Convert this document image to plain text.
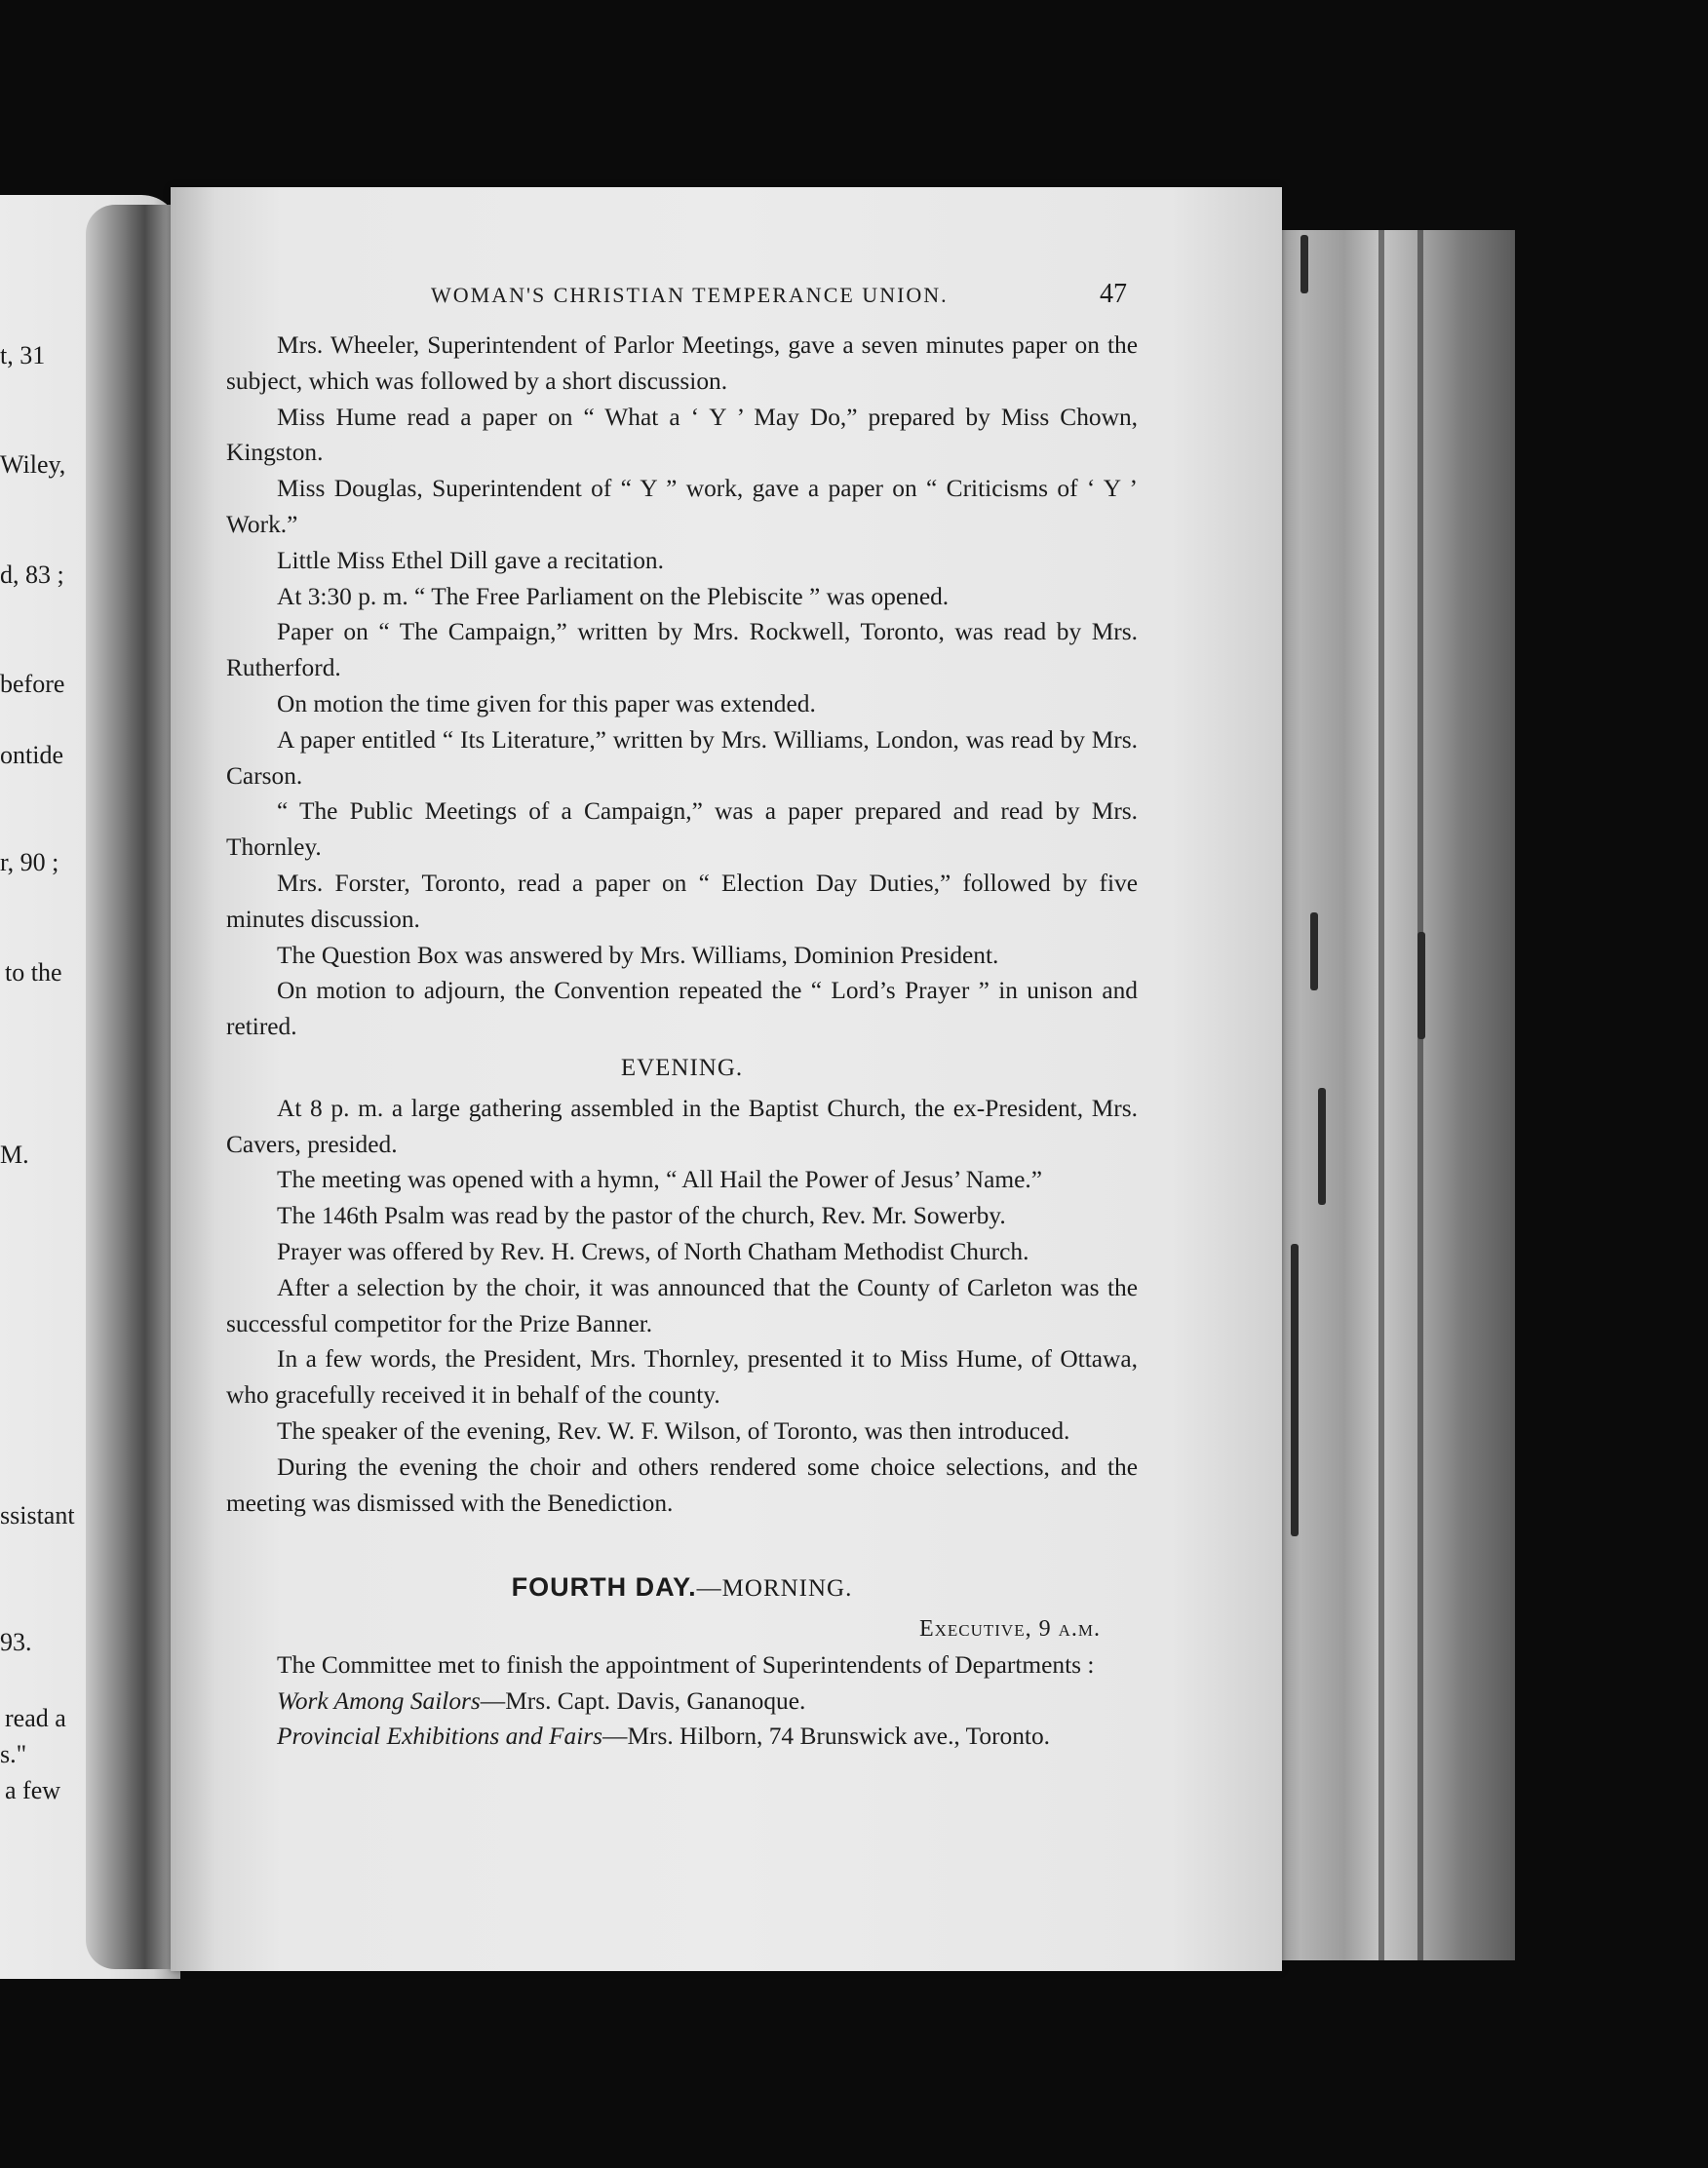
t, 31
Wiley,
d, 83 ;
before
ontide
r, 90 ;
to the
M.
ssistant
93.
read a
s."
a few
WOMAN'S CHRISTIAN TEMPERANCE UNION.	47

Mrs. Wheeler, Superintendent of Parlor Meetings, gave a seven minutes paper on the subject, which was followed by a short discussion.

Miss Hume read a paper on “ What a ‘ Y ’ May Do,” prepared by Miss Chown, Kingston.

Miss Douglas, Superintendent of “ Y ” work, gave a paper on “ Criticisms of ‘ Y ’ Work.”

Little Miss Ethel Dill gave a recitation.

At 3:30 p. m. “ The Free Parliament on the Plebiscite ” was opened.

Paper on “ The Campaign,” written by Mrs. Rockwell, Toronto, was read by Mrs. Rutherford.

On motion the time given for this paper was extended.

A paper entitled “ Its Literature,” written by Mrs. Williams, London, was read by Mrs. Carson.

“ The Public Meetings of a Campaign,” was a paper prepared and read by Mrs. Thornley.

Mrs. Forster, Toronto, read a paper on “ Election Day Duties,” followed by five minutes discussion.

The Question Box was answered by Mrs. Williams, Dominion President.

On motion to adjourn, the Convention repeated the “ Lord’s Prayer ” in unison and retired.

EVENING.

At 8 p. m. a large gathering assembled in the Baptist Church, the ex-President, Mrs. Cavers, presided.

The meeting was opened with a hymn, “ All Hail the Power of Jesus’ Name.”

The 146th Psalm was read by the pastor of the church, Rev. Mr. Sowerby.

Prayer was offered by Rev. H. Crews, of North Chatham Methodist Church.

After a selection by the choir, it was announced that the County of Carleton was the successful competitor for the Prize Banner.

In a few words, the President, Mrs. Thornley, presented it to Miss Hume, of Ottawa, who gracefully received it in behalf of the county.

The speaker of the evening, Rev. W. F. Wilson, of Toronto, was then introduced.

During the evening the choir and others rendered some choice selections, and the meeting was dismissed with the Benediction.

FOURTH DAY.—MORNING.
Executive, 9 a.m.

The Committee met to finish the appointment of Superintendents of Departments :

Work Among Sailors—Mrs. Capt. Davis, Gananoque.

Provincial Exhibitions and Fairs—Mrs. Hilborn, 74 Brunswick ave., Toronto.
